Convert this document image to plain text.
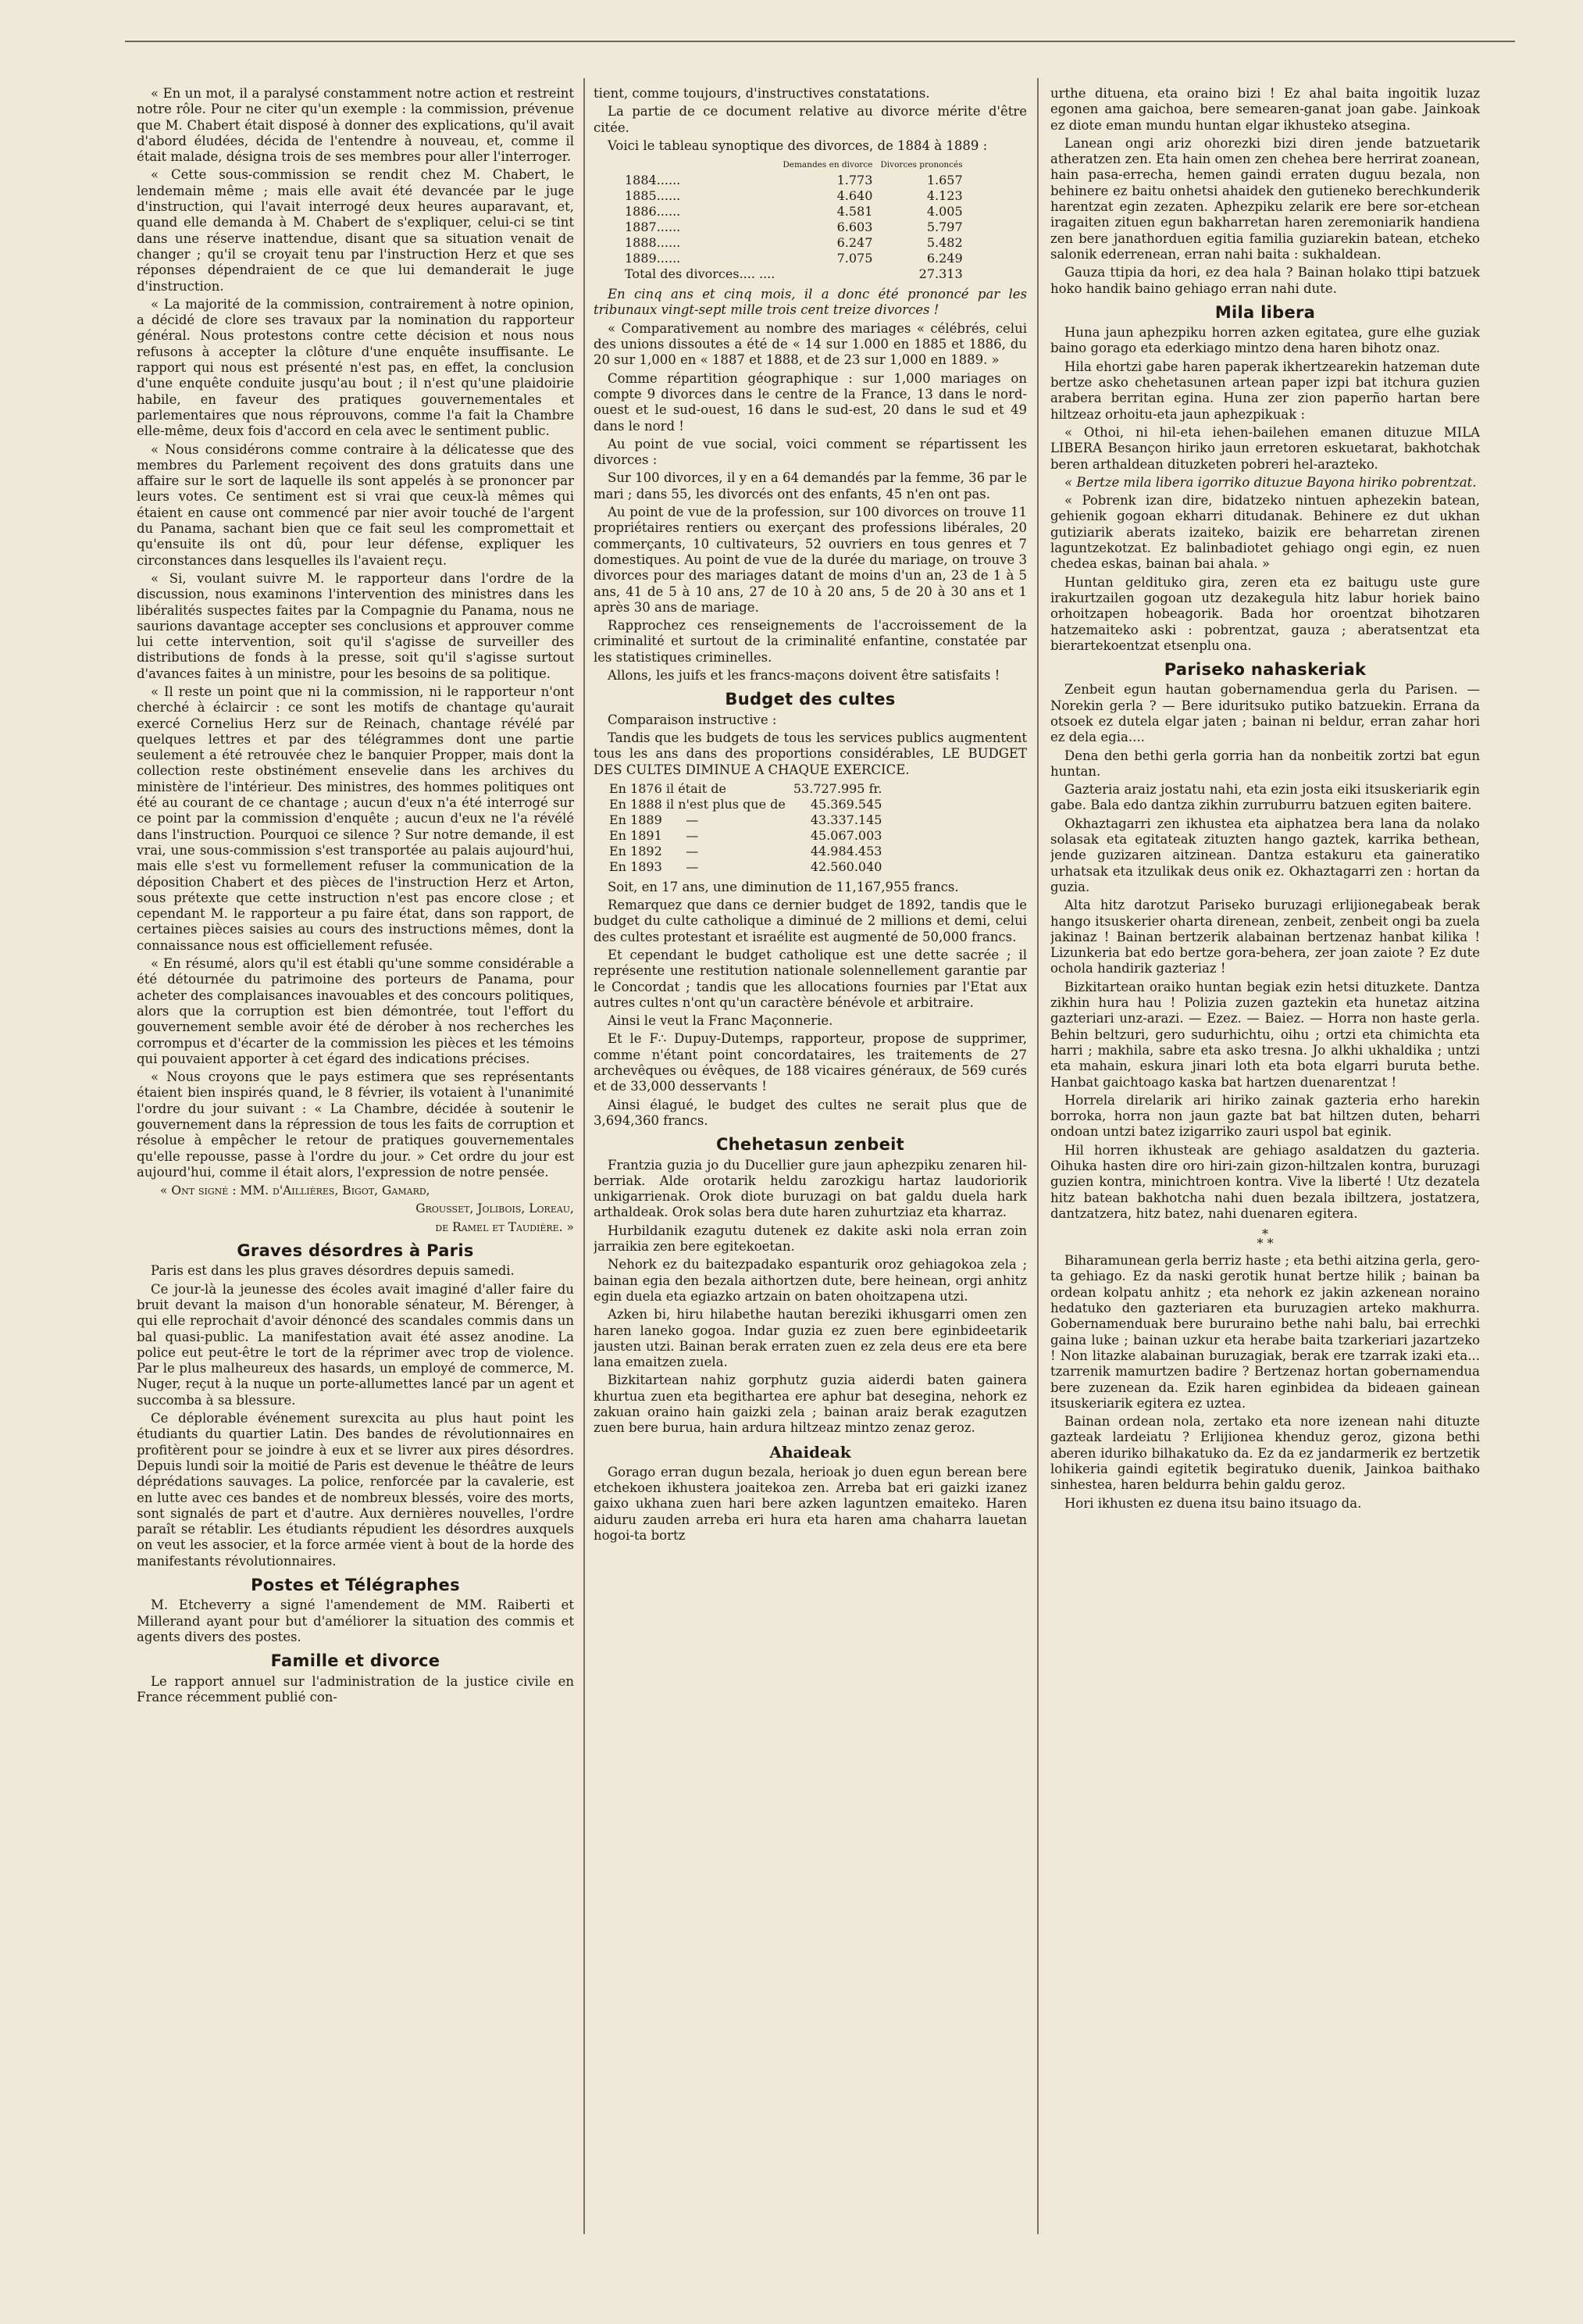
« En un mot, il a paralysé constamment notre action et restreint notre rôle. Pour ne citer qu'un exemple : la commission, prévenue que M. Chabert était disposé à donner des explications, qu'il avait d'abord éludées, décida de l'entendre à nouveau, et, comme il était malade, désigna trois de ses membres pour aller l'interroger.

« Cette sous-commission se rendit chez M. Chabert, le lendemain même ; mais elle avait été devancée par le juge d'instruction, qui l'avait interrogé deux heures auparavant, et, quand elle demanda à M. Chabert de s'expliquer, celui-ci se tint dans une réserve inattendue, disant que sa situation venait de changer ; qu'il se croyait tenu par l'instruction Herz et que ses réponses dépendraient de ce que lui demanderait le juge d'instruction.

« La majorité de la commission, contrairement à notre opinion, a décidé de clore ses travaux par la nomination du rapporteur général. Nous protestons contre cette décision et nous nous refusons à accepter la clôture d'une enquête insuffisante. Le rapport qui nous est présenté n'est pas, en effet, la conclusion d'une enquête conduite jusqu'au bout ; il n'est qu'une plaidoirie habile, en faveur des pratiques gouvernementales et parlementaires que nous réprouvons, comme l'a fait la Chambre elle-même, deux fois d'accord en cela avec le sentiment public.

« Nous considérons comme contraire à la délicatesse que des membres du Parlement reçoivent des dons gratuits dans une affaire sur le sort de laquelle ils sont appelés à se prononcer par leurs votes. Ce sentiment est si vrai que ceux-là mêmes qui étaient en cause ont commencé par nier avoir touché de l'argent du Panama, sachant bien que ce fait seul les compromettait et qu'ensuite ils ont dû, pour leur défense, expliquer les circonstances dans lesquelles ils l'avaient reçu.

« Si, voulant suivre M. le rapporteur dans l'ordre de la discussion, nous examinons l'intervention des ministres dans les libéralités suspectes faites par la Compagnie du Panama, nous ne saurions davantage accepter ses conclusions et approuver comme lui cette intervention, soit qu'il s'agisse de surveiller des distributions de fonds à la presse, soit qu'il s'agisse surtout d'avances faites à un ministre, pour les besoins de sa politique.

« Il reste un point que ni la commission, ni le rapporteur n'ont cherché à éclaircir : ce sont les motifs de chantage qu'aurait exercé Cornelius Herz sur de Reinach, chantage révélé par quelques lettres et par des télégrammes dont une partie seulement a été retrouvée chez le banquier Propper, mais dont la collection reste obstinément ensevelie dans les archives du ministère de l'intérieur. Des ministres, des hommes politiques ont été au courant de ce chantage ; aucun d'eux n'a été interrogé sur ce point par la commission d'enquête ; aucun d'eux ne l'a révélé dans l'instruction. Pourquoi ce silence ? Sur notre demande, il est vrai, une sous-commission s'est transportée au palais aujourd'hui, mais elle s'est vu formellement refuser la communication de la déposition Chabert et des pièces de l'instruction Herz et Arton, sous prétexte que cette instruction n'est pas encore close ; et cependant M. le rapporteur a pu faire état, dans son rapport, de certaines pièces saisies au cours des instructions mêmes, dont la connaissance nous est officiellement refusée.

« En résumé, alors qu'il est établi qu'une somme considérable a été détournée du patrimoine des porteurs de Panama, pour acheter des complaisances inavouables et des concours politiques, alors que la corruption est bien démontrée, tout l'effort du gouvernement semble avoir été de dérober à nos recherches les corrompus et d'écarter de la commission les pièces et les témoins qui pouvaient apporter à cet égard des indications précises.

« Nous croyons que le pays estimera que ses représentants étaient bien inspirés quand, le 8 février, ils votaient à l'unanimité l'ordre du jour suivant : « La Chambre, décidée à soutenir le gouvernement dans la répression de tous les faits de corruption et résolue à empêcher le retour de pratiques gouvernementales qu'elle repousse, passe à l'ordre du jour. » Cet ordre du jour est aujourd'hui, comme il était alors, l'expression de notre pensée.

« Ont signé : MM. d'Aillières, Bigot, Gamard,

Grousset, Jolibois, Loreau,

de Ramel et Taudière. »

Graves désordres à Paris

Paris est dans les plus graves désordres depuis samedi.

Ce jour-là la jeunesse des écoles avait imaginé d'aller faire du bruit devant la maison d'un honorable sénateur, M. Bérenger, à qui elle reprochait d'avoir dénoncé des scandales commis dans un bal quasi-public. La manifestation avait été assez anodine. La police eut peut-être le tort de la réprimer avec trop de violence. Par le plus malheureux des hasards, un employé de commerce, M. Nuger, reçut à la nuque un porte-allumettes lancé par un agent et succomba à sa blessure.

Ce déplorable événement surexcita au plus haut point les étudiants du quartier Latin. Des bandes de révolutionnaires en profitèrent pour se joindre à eux et se livrer aux pires désordres. Depuis lundi soir la moitié de Paris est devenue le théâtre de leurs déprédations sauvages. La police, renforcée par la cavalerie, est en lutte avec ces bandes et de nombreux blessés, voire des morts, sont signalés de part et d'autre. Aux dernières nouvelles, l'ordre paraît se rétablir. Les étudiants répudient les désordres auxquels on veut les associer, et la force armée vient à bout de la horde des manifestants révolutionnaires.

Postes et Télégraphes

M. Etcheverry a signé l'amendement de MM. Raiberti et Millerand ayant pour but d'améliorer la situation des commis et agents divers des postes.

Famille et divorce

Le rapport annuel sur l'administration de la justice civile en France récemment publié con-

tient, comme toujours, d'instructives constatations.

La partie de ce document relative au divorce mérite d'être citée.

Voici le tableau synoptique des divorces, de 1884 à 1889 :

	Demandes en divorce	Divorces prononcés
1884......	1.773	1.657
1885......	4.640	4.123
1886......	4.581	4.005
1887......	6.603	5.797
1888......	6.247	5.482
1889......	7.075	6.249
Total des divorces.... ....		27.313

En cinq ans et cinq mois, il a donc été prononcé par les tribunaux vingt-sept mille trois cent treize divorces !

« Comparativement au nombre des mariages « célébrés, celui des unions dissoutes a été de « 14 sur 1.000 en 1885 et 1886, du 20 sur 1,000 en « 1887 et 1888, et de 23 sur 1,000 en 1889. »

Comme répartition géographique : sur 1,000 mariages on compte 9 divorces dans le centre de la France, 13 dans le nord-ouest et le sud-ouest, 16 dans le sud-est, 20 dans le sud et 49 dans le nord !

Au point de vue social, voici comment se répartissent les divorces :

Sur 100 divorces, il y en a 64 demandés par la femme, 36 par le mari ; dans 55, les divorcés ont des enfants, 45 n'en ont pas.

Au point de vue de la profession, sur 100 divorces on trouve 11 propriétaires rentiers ou exerçant des professions libérales, 20 commerçants, 10 cultivateurs, 52 ouvriers en tous genres et 7 domestiques. Au point de vue de la durée du mariage, on trouve 3 divorces pour des mariages datant de moins d'un an, 23 de 1 à 5 ans, 41 de 5 à 10 ans, 27 de 10 à 20 ans, 5 de 20 à 30 ans et 1 après 30 ans de mariage.

Rapprochez ces renseignements de l'accroissement de la criminalité et surtout de la criminalité enfantine, constatée par les statistiques criminelles.

Allons, les juifs et les francs-maçons doivent être satisfaits !

Budget des cultes

Comparaison instructive :

Tandis que les budgets de tous les services publics augmentent tous les ans dans des proportions considérables, LE BUDGET DES CULTES DIMINUE A CHAQUE EXERCICE.

En 1876 il était de	53.727.995 fr.
En 1888 il n'est plus que de	45.369.545
En 1889      —	43.337.145
En 1891      —	45.067.003
En 1892      —	44.984.453
En 1893      —	42.560.040

Soit, en 17 ans, une diminution de 11,167,955 francs.

Remarquez que dans ce dernier budget de 1892, tandis que le budget du culte catholique a diminué de 2 millions et demi, celui des cultes protestant et israélite est augmenté de 50,000 francs.

Et cependant le budget catholique est une dette sacrée ; il représente une restitution nationale solennellement garantie par le Concordat ; tandis que les allocations fournies par l'Etat aux autres cultes n'ont qu'un caractère bénévole et arbitraire.

Ainsi le veut la Franc Maçonnerie.

Et le F∴ Dupuy-Dutemps, rapporteur, propose de supprimer, comme n'étant point concordataires, les traitements de 27 archevêques ou évêques, de 188 vicaires généraux, de 569 curés et de 33,000 desservants !

Ainsi élagué, le budget des cultes ne serait plus que de 3,694,360 francs.

Chehetasun zenbeit

Frantzia guzia jo du Ducellier gure jaun aphezpiku zenaren hil-berriak. Alde orotarik heldu zarozkigu hartaz laudoriorik unkigarrienak. Orok diote buruzagi on bat galdu duela hark arthaldeak. Orok solas bera dute haren zuhurtziaz eta kharraz.

Hurbildanik ezagutu dutenek ez dakite aski nola erran zoin jarraikia zen bere egitekoetan.

Nehork ez du baitezpadako espanturik oroz gehiagokoa zela ; bainan egia den bezala aithortzen dute, bere heinean, orgi anhitz egin duela eta egiazko artzain on baten ohoitzapena utzi.

Azken bi, hiru hilabethe hautan bereziki ikhusgarri omen zen haren laneko gogoa. Indar guzia ez zuen bere eginbideetarik jausten utzi. Bainan berak erraten zuen ez zela deus ere eta bere lana emaitzen zuela.

Bizkitartean nahiz gorphutz guzia aiderdi baten gainera khurtua zuen eta begithartea ere aphur bat desegina, nehork ez zakuan oraino hain gaizki zela ; bainan araiz berak ezagutzen zuen bere burua, hain ardura hiltzeaz mintzo zenaz geroz.

Ahaideak

Gorago erran dugun bezala, herioak jo duen egun berean bere etchekoen ikhustera joaitekoa zen. Arreba bat eri gaizki izanez gaixo ukhana zuen hari bere azken laguntzen emaiteko. Haren aiduru zauden arreba eri hura eta haren ama chaharra lauetan hogoi-ta bortz

urthe dituena, eta oraino bizi ! Ez ahal baita ingoitik luzaz egonen ama gaichoa, bere semearen-ganat joan gabe. Jainkoak ez diote eman mundu huntan elgar ikhusteko atsegina.

Lanean ongi ariz ohorezki bizi diren jende batzuetarik atheratzen zen. Eta hain omen zen chehea bere herrirat zoanean, hain pasa-errecha, hemen gaindi erraten duguu bezala, non behinere ez baitu onhetsi ahaidek den gutieneko berechkunderik harentzat egin zezaten. Aphezpiku zelarik ere bere sor-etchean iragaiten zituen egun bakharretan haren zeremoniarik handiena zen bere janathorduen egitia familia guziarekin batean, etcheko salonik ederrenean, erran nahi baita : sukhaldean.

Gauza ttipia da hori, ez dea hala ? Bainan holako ttipi batzuek hoko handik baino gehiago erran nahi dute.

Mila libera

Huna jaun aphezpiku horren azken egitatea, gure elhe guziak baino gorago eta ederkiago mintzo dena haren bihotz onaz.

Hila ehortzi gabe haren paperak ikhertzearekin hatzeman dute bertze asko chehetasunen artean paper izpi bat itchura guzien arabera berritan egina. Huna zer zion paperño hartan bere hiltzeaz orhoitu-eta jaun aphezpikuak :

« Othoi, ni hil-eta iehen-bailehen emanen dituzue MILA LIBERA Besançon hiriko jaun erretoren eskuetarat, bakhotchak beren arthaldean dituzketen pobreri hel-arazteko.

« Bertze mila libera igorriko dituzue Bayona hiriko pobrentzat.

« Pobrenk izan dire, bidatzeko nintuen aphezekin batean, gehienik gogoan ekharri ditudanak. Behinere ez dut ukhan gutiziarik aberats izaiteko, baizik ere beharretan zirenen laguntzekotzat. Ez balinbadiotet gehiago ongi egin, ez nuen chedea eskas, bainan bai ahala. »

Huntan geldituko gira, zeren eta ez baitugu uste gure irakurtzailen gogoan utz dezakegula hitz labur horiek baino orhoitzapen hobeagorik. Bada hor oroentzat bihotzaren hatzemaiteko aski : pobrentzat, gauza ; aberatsentzat eta bierartekoentzat etsenplu ona.

Pariseko nahaskeriak

Zenbeit egun hautan gobernamendua gerla du Parisen. — Norekin gerla ? — Bere iduritsuko putiko batzuekin. Errana da otsoek ez dutela elgar jaten ; bainan ni beldur, erran zahar hori ez dela egia....

Dena den bethi gerla gorria han da nonbeitik zortzi bat egun huntan.

Gazteria araiz jostatu nahi, eta ezin josta eiki itsuskeriarik egin gabe. Bala edo dantza zikhin zurruburru batzuen egiten baitere.

Okhaztagarri zen ikhustea eta aiphatzea bera lana da nolako solasak eta egitateak zituzten hango gaztek, karrika bethean, jende guzizaren aitzinean. Dantza estakuru eta gaineratiko urhatsak eta itzulikak deus onik ez. Okhaztagarri zen : hortan da guzia.

Alta hitz darotzut Pariseko buruzagi erlijionegabeak berak hango itsuskerier oharta direnean, zenbeit, zenbeit ongi ba zuela jakinaz ! Bainan bertzerik alabainan bertzenaz hanbat kilika ! Lizunkeria bat edo bertze gora-behera, zer joan zaiote ? Ez dute ochola handirik gazteriaz !

Bizkitartean oraiko huntan begiak ezin hetsi dituzkete. Dantza zikhin hura hau ! Polizia zuzen gaztekin eta hunetaz aitzina gazteriari unz-arazi. — Ezez. — Baiez. — Horra non haste gerla. Behin beltzuri, gero sudurhichtu, oihu ; ortzi eta chimichta eta harri ; makhila, sabre eta asko tresna. Jo alkhi ukhaldika ; untzi eta mahain, eskura jinari loth eta bota elgarri buruta bethe. Hanbat gaichtoago kaska bat hartzen duenarentzat !

Horrela direlarik ari hiriko zainak gazteria erho harekin borroka, horra non jaun gazte bat bat hiltzen duten, beharri ondoan untzi batez izigarriko zauri uspol bat eginik.

Hil horren ikhusteak are gehiago asaldatzen du gazteria. Oihuka hasten dire oro hiri-zain gizon-hiltzalen kontra, buruzagi guzien kontra, minichtroen kontra. Vive la liberté ! Utz dezatela hitz batean bakhotcha nahi duen bezala ibiltzera, jostatzera, dantzatzera, hitz batez, nahi duenaren egitera.

*
* *

Biharamunean gerla berriz haste ; eta bethi aitzina gerla, gero-ta gehiago. Ez da naski gerotik hunat bertze hilik ; bainan ba ordean kolpatu anhitz ; eta nehork ez jakin azkenean noraino hedatuko den gazteriaren eta buruzagien arteko makhurra. Gobernamenduak bere bururaino bethe nahi balu, bai errechki gaina luke ; bainan uzkur eta herabe baita tzarkeriari jazartzeko ! Non litazke alabainan buruzagiak, berak ere tzarrak izaki eta... tzarrenik mamurtzen badire ? Bertzenaz hortan gobernamendua bere zuzenean da. Ezik haren eginbidea da bideaen gainean itsuskeriarik egitera ez uztea.

Bainan ordean nola, zertako eta nore izenean nahi dituzte gazteak lardeiatu ? Erlijionea khenduz geroz, gizona bethi aberen iduriko bilhakatuko da. Ez da ez jandarmerik ez bertzetik lohikeria gaindi egitetik begiratuko duenik, Jainkoa baithako sinhestea, haren beldurra behin galdu geroz.

Hori ikhusten ez duena itsu baino itsuago da.
